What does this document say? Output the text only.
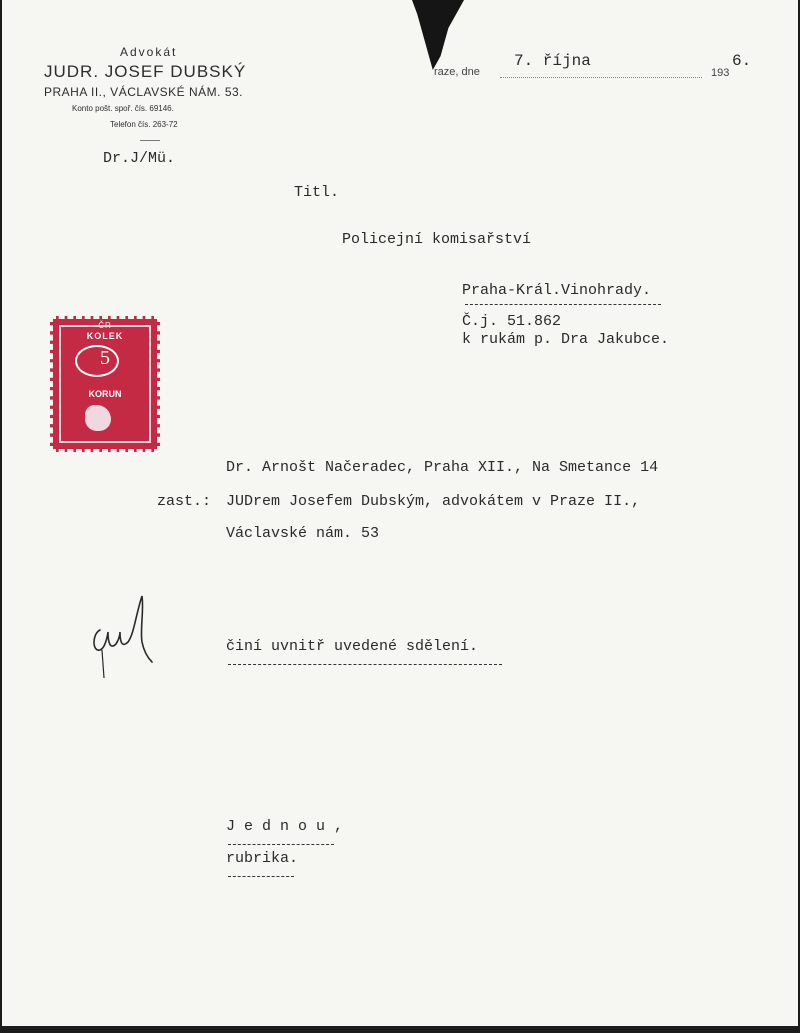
Advokát
JUDR. JOSEF DUBSKÝ
PRAHA II., VÁCLAVSKÉ NÁM. 53.
Konto pošt. spoř. čís. 69146.
Telefon čís. 263-72
raze, dne
7. října
193
6.
Dr.J/Mü.
Titl.
Policejní komisařství
Praha-Král.Vinohrady.
Č.j. 51.862
k rukám p. Dra Jakubce.
ČR
KOLEK
5
KORUN
Dr. Arnošt Načeradec, Praha XII., Na Smetance 14
zast.: JUDrem Josefem Dubským, advokátem v Praze II.,
Václavské nám. 53
činí uvnitř uvedené sdělení.
J e d n o u ,
rubrika.
